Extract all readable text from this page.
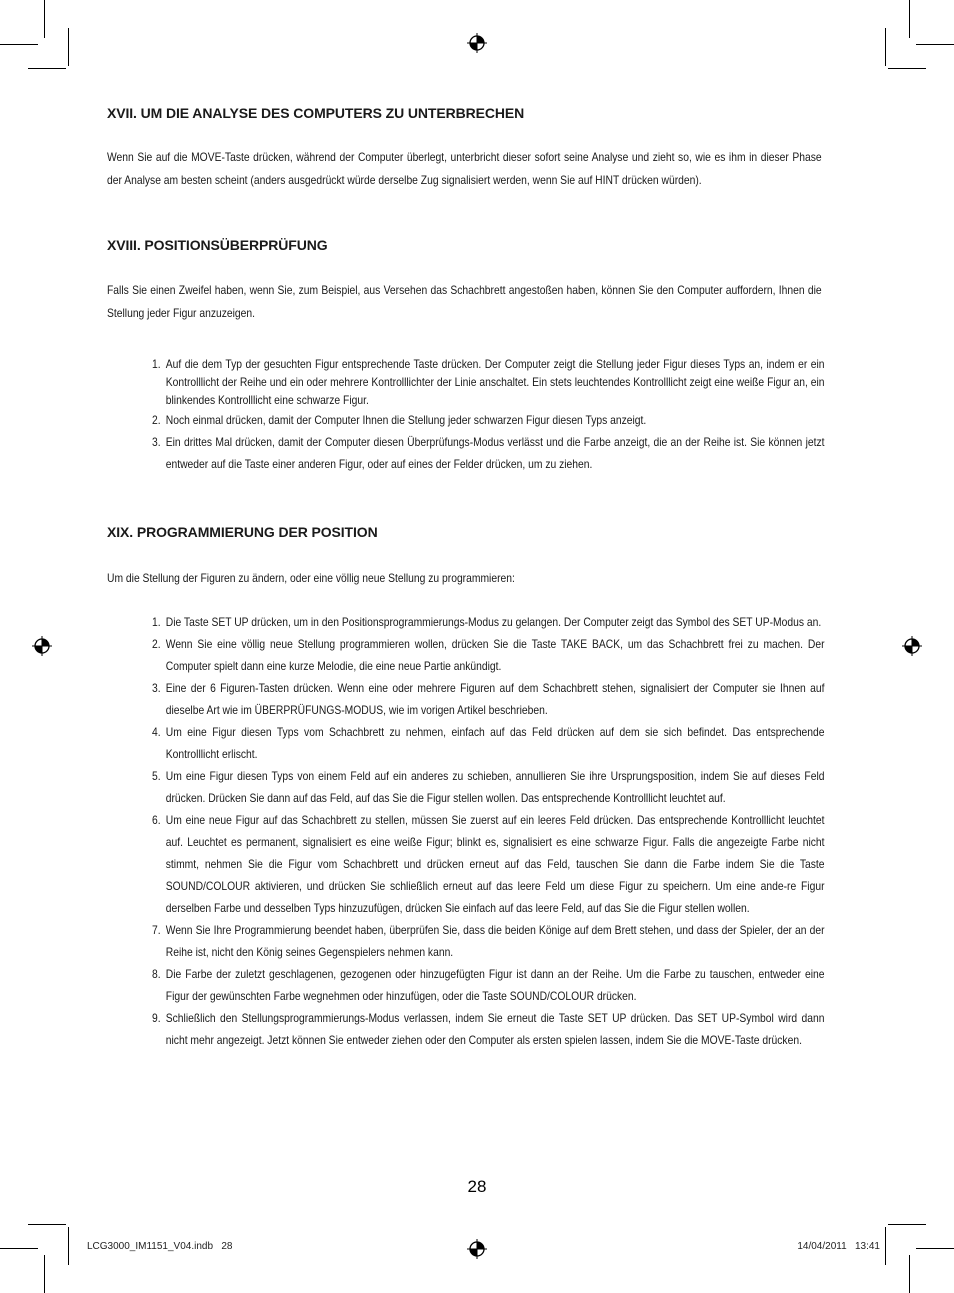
XVII. UM DIE ANALYSE DES COMPUTERS ZU UNTERBRECHEN

Wenn Sie auf die MOVE-Taste drücken, während der Computer überlegt, unterbricht dieser sofort seine Analyse und zieht so, wie es ihm in dieser Phase der Analyse am besten scheint (anders ausgedrückt würde derselbe Zug signalisiert werden, wenn Sie auf HINT drücken würden).

XVIII. POSITIONSÜBERPRÜFUNG

Falls Sie einen Zweifel haben, wenn Sie, zum Beispiel, aus Versehen das Schachbrett angestoßen haben, können Sie den Computer auffordern, Ihnen die Stellung jeder Figur anzuzeigen.

1. Auf die dem Typ der gesuchten Figur entsprechende Taste drücken. Der Computer zeigt die Stellung jeder Figur dieses Typs an, indem er ein Kontrolllicht der Reihe und ein oder mehrere Kontrolllichter der Linie anschaltet. Ein stets leuchtendes Kontrolllicht zeigt eine weiße Figur an, ein blinkendes Kontrolllicht eine schwarze Figur.
2. Noch einmal drücken, damit der Computer Ihnen die Stellung jeder schwarzen Figur diesen Typs anzeigt.
3. Ein drittes Mal drücken, damit der Computer diesen Überprüfungs-Modus verlässt und die Farbe anzeigt, die an der Reihe ist. Sie können jetzt entweder auf die Taste einer anderen Figur, oder auf eines der Felder drücken, um zu ziehen.
XIX. PROGRAMMIERUNG DER POSITION

Um die Stellung der Figuren zu ändern, oder eine völlig neue Stellung zu programmieren:

1. Die Taste SET UP drücken, um in den Positionsprogrammierungs-Modus zu gelangen. Der Computer zeigt das Symbol des SET UP-Modus an.
2. Wenn Sie eine völlig neue Stellung programmieren wollen, drücken Sie die Taste TAKE BACK, um das Schachbrett frei zu machen. Der Computer spielt dann eine kurze Melodie, die eine neue Partie ankündigt.
3. Eine der 6 Figuren-Tasten drücken. Wenn eine oder mehrere Figuren auf dem Schachbrett stehen, signalisiert der Computer sie Ihnen auf dieselbe Art wie im ÜBERPRÜFUNGS-MODUS, wie im vorigen Artikel beschrieben.
4. Um eine Figur diesen Typs vom Schachbrett zu nehmen, einfach auf das Feld drücken auf dem sie sich befindet. Das entsprechende Kontrolllicht erlischt.
5. Um eine Figur diesen Typs von einem Feld auf ein anderes zu schieben, annullieren Sie ihre Ursprungsposition, indem Sie auf dieses Feld drücken. Drücken Sie dann auf das Feld, auf das Sie die Figur stellen wollen. Das entsprechende Kontrolllicht leuchtet auf.
6. Um eine neue Figur auf das Schachbrett zu stellen, müssen Sie zuerst auf ein leeres Feld drücken. Das entsprechende Kontrolllicht leuchtet auf. Leuchtet es permanent, signalisiert es eine weiße Figur; blinkt es, signalisiert es eine schwarze Figur. Falls die angezeigte Farbe nicht stimmt, nehmen Sie die Figur vom Schachbrett und drücken erneut auf das Feld, tauschen Sie dann die Farbe indem Sie die Taste SOUND/COLOUR aktivieren, und drücken Sie schließlich erneut auf das leere Feld um diese Figur zu speichern. Um eine ande-re Figur derselben Farbe und desselben Typs hinzuzufügen, drücken Sie einfach auf das leere Feld, auf das Sie die Figur stellen wollen.
7. Wenn Sie Ihre Programmierung beendet haben, überprüfen Sie, dass die beiden Könige auf dem Brett stehen, und dass der Spieler, der an der Reihe ist, nicht den König seines Gegenspielers nehmen kann.
8. Die Farbe der zuletzt geschlagenen, gezogenen oder hinzugefügten Figur ist dann an der Reihe. Um die Farbe zu tauschen, entweder eine Figur der gewünschten Farbe wegnehmen oder hinzufügen, oder die Taste SOUND/COLOUR drücken.
9. Schließlich den Stellungsprogrammierungs-Modus verlassen, indem Sie erneut die Taste SET UP drücken. Das SET UP-Symbol wird dann nicht mehr angezeigt. Jetzt können Sie entweder ziehen oder den Computer als ersten spielen lassen, indem Sie die MOVE-Taste drücken.
28
LCG3000_IM1151_V04.indb   28	14/04/2011   13:41
